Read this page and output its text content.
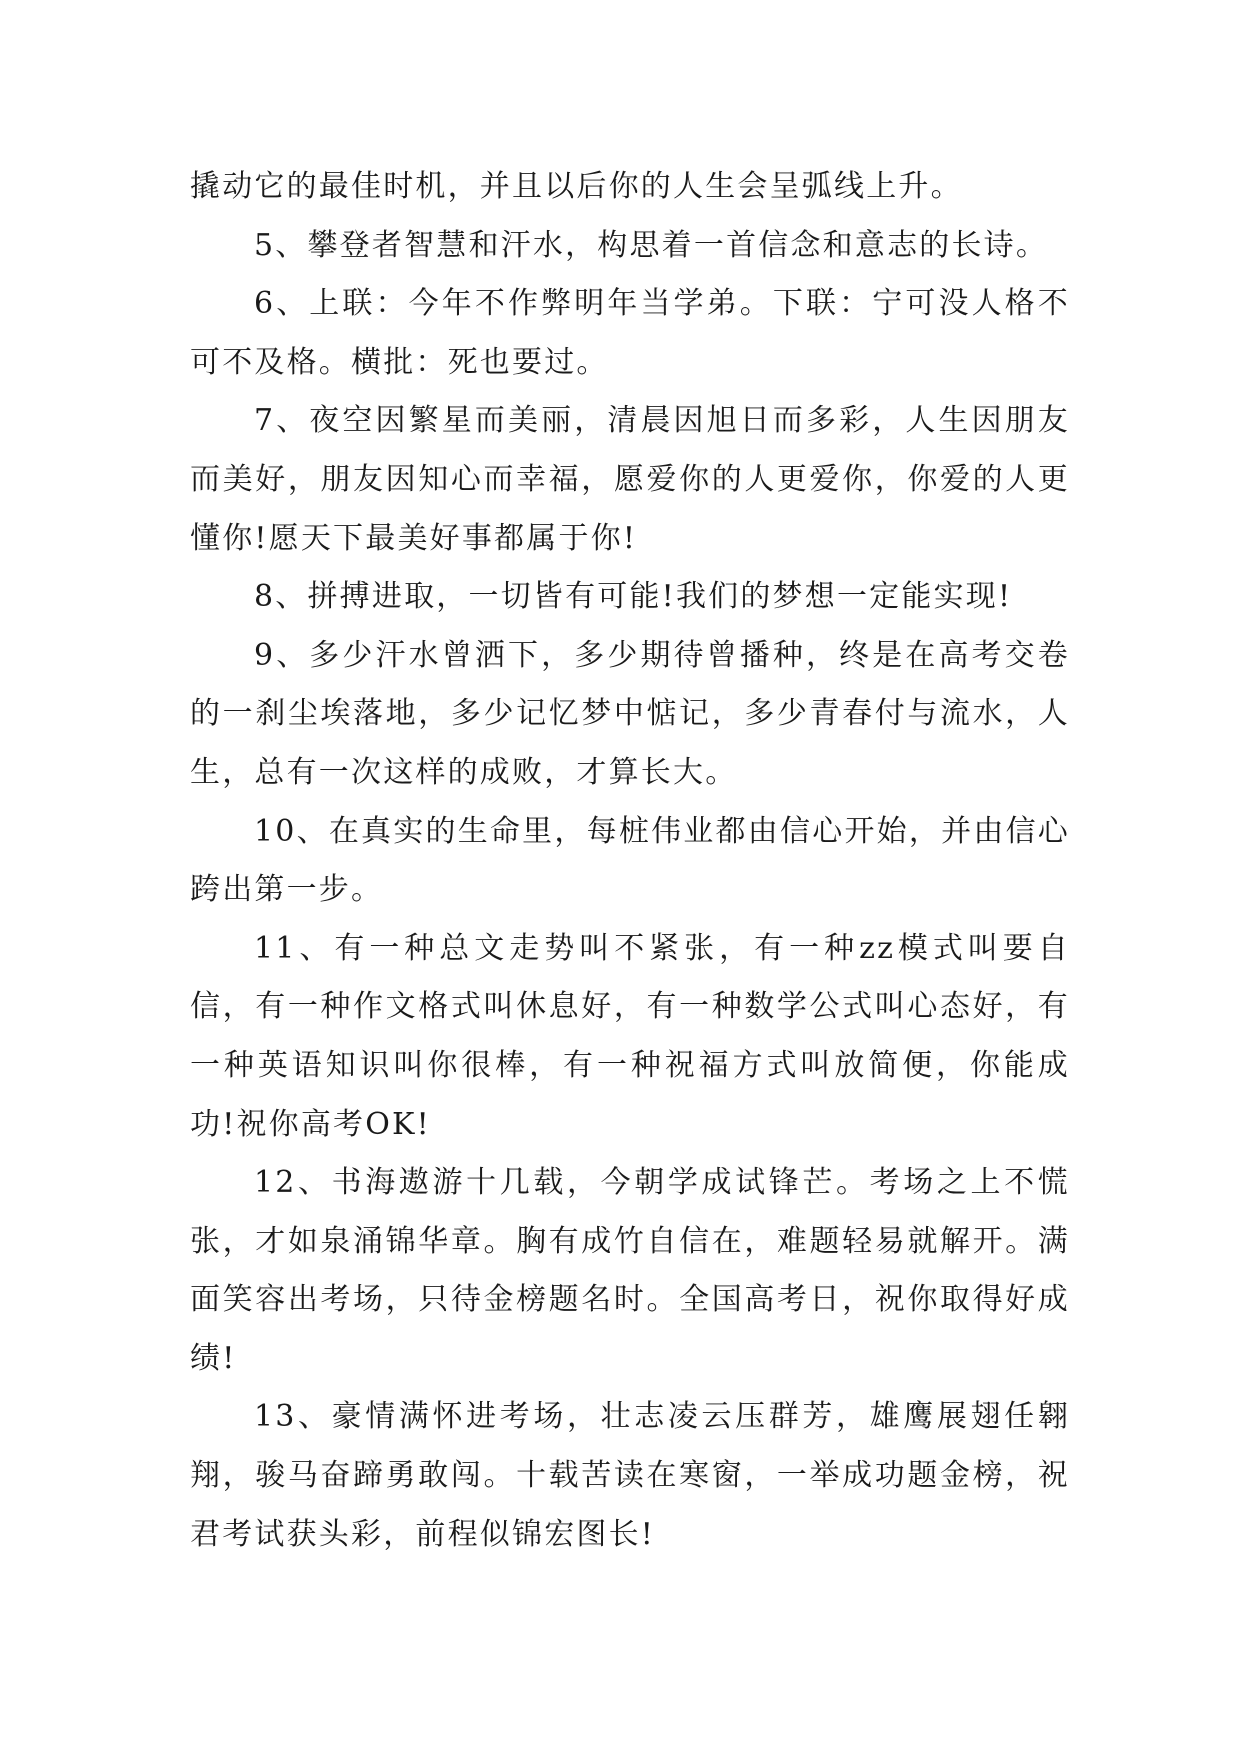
撬动它的最佳时机，并且以后你的人生会呈弧线上升。

5、攀登者智慧和汗水，构思着一首信念和意志的长诗。

6、上联：今年不作弊明年当学弟。下联：宁可没人格不可不及格。横批：死也要过。

7、夜空因繁星而美丽，清晨因旭日而多彩，人生因朋友而美好，朋友因知心而幸福，愿爱你的人更爱你，你爱的人更懂你!愿天下最美好事都属于你!

8、拼搏进取，一切皆有可能!我们的梦想一定能实现!

9、多少汗水曾洒下，多少期待曾播种，终是在高考交卷的一刹尘埃落地，多少记忆梦中惦记，多少青春付与流水，人生，总有一次这样的成败，才算长大。

10、在真实的生命里，每桩伟业都由信心开始，并由信心跨出第一步。

11、有一种总文走势叫不紧张，有一种zz模式叫要自信，有一种作文格式叫休息好，有一种数学公式叫心态好，有一种英语知识叫你很棒，有一种祝福方式叫放简便，你能成功!祝你高考OK!

12、书海遨游十几载，今朝学成试锋芒。考场之上不慌张，才如泉涌锦华章。胸有成竹自信在，难题轻易就解开。满面笑容出考场，只待金榜题名时。全国高考日，祝你取得好成绩!

13、豪情满怀进考场，壮志凌云压群芳，雄鹰展翅任翱翔，骏马奋蹄勇敢闯。十载苦读在寒窗，一举成功题金榜，祝君考试获头彩，前程似锦宏图长!
